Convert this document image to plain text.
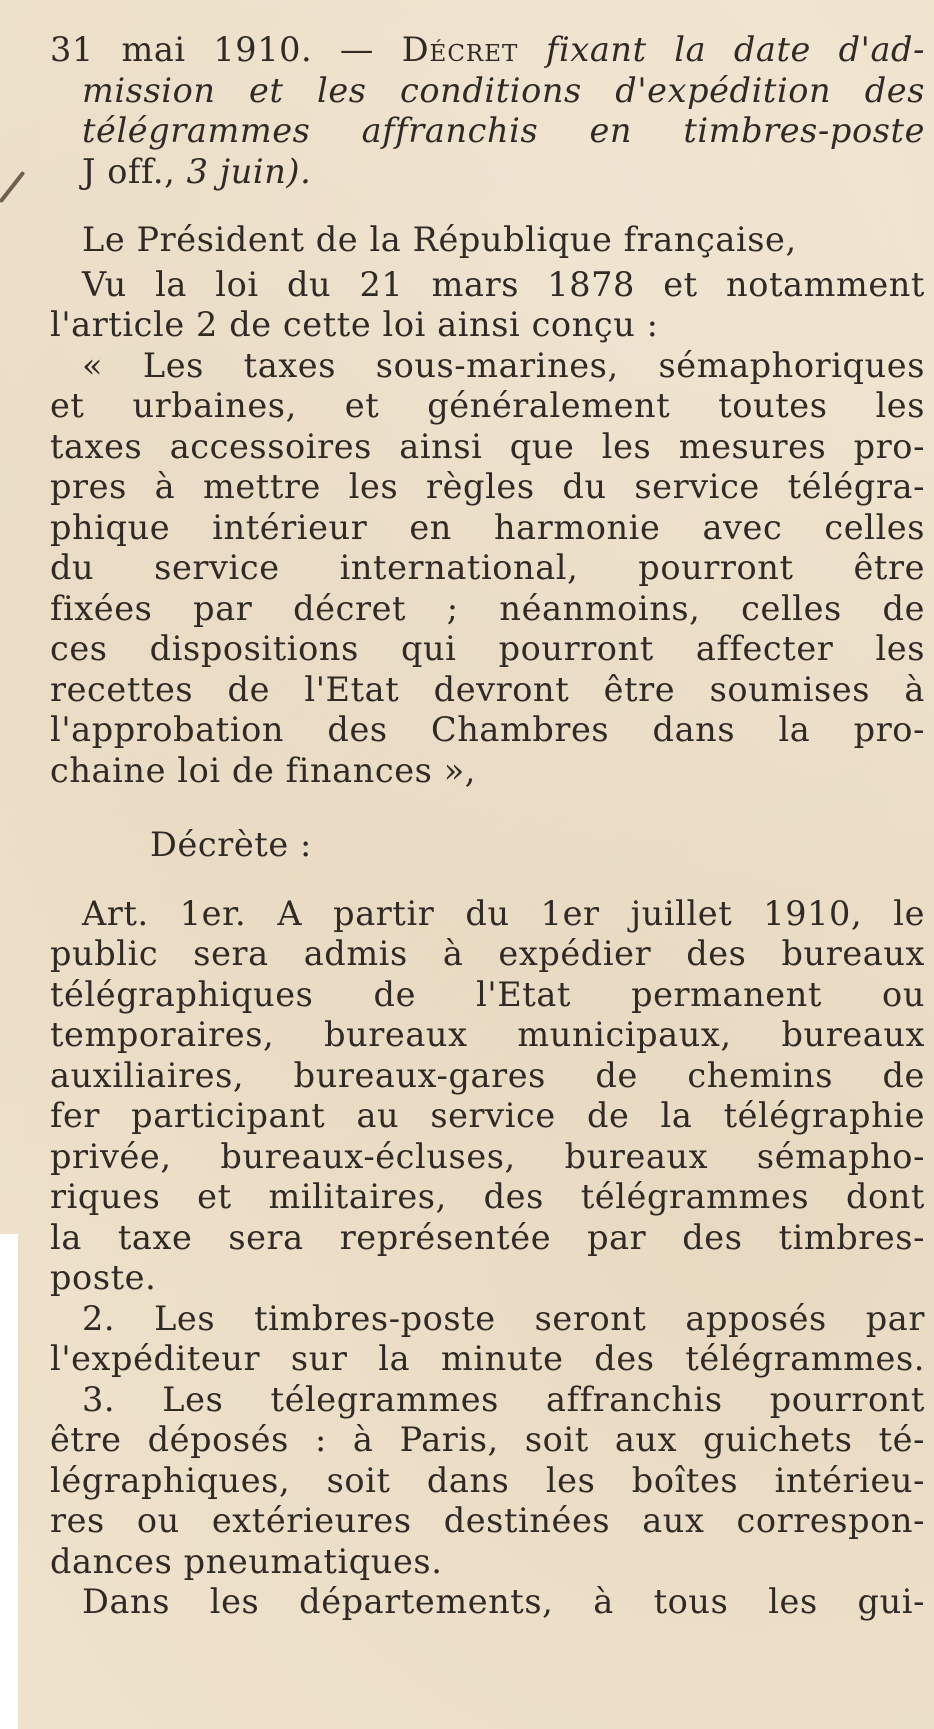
31 mai 1910. — Décret fixant la date d'ad-
mission et les conditions d'expédition des
télégrammes affranchis en timbres-poste
J off., 3 juin).
Le Président de la République française,
Vu la loi du 21 mars 1878 et notamment
l'article 2 de cette loi ainsi conçu :
« Les taxes sous-marines, sémaphoriques
et urbaines, et généralement toutes les
taxes accessoires ainsi que les mesures pro-
pres à mettre les règles du service télégra-
phique intérieur en harmonie avec celles
du service international, pourront être
fixées par décret ; néanmoins, celles de
ces dispositions qui pourront affecter les
recettes de l'Etat devront être soumises à
l'approbation des Chambres dans la pro-
chaine loi de finances »,
Décrète :
Art. 1er. A partir du 1er juillet 1910, le
public sera admis à expédier des bureaux
télégraphiques de l'Etat permanent ou
temporaires, bureaux municipaux, bureaux
auxiliaires, bureaux-gares de chemins de
fer participant au service de la télégraphie
privée, bureaux-écluses, bureaux sémapho-
riques et militaires, des télégrammes dont
la taxe sera représentée par des timbres-
poste.
2. Les timbres-poste seront apposés par
l'expéditeur sur la minute des télégrammes.
3. Les télegrammes affranchis pourront
être déposés : à Paris, soit aux guichets té-
légraphiques, soit dans les boîtes intérieu-
res ou extérieures destinées aux correspon-
dances pneumatiques.
Dans les départements, à tous les gui-
